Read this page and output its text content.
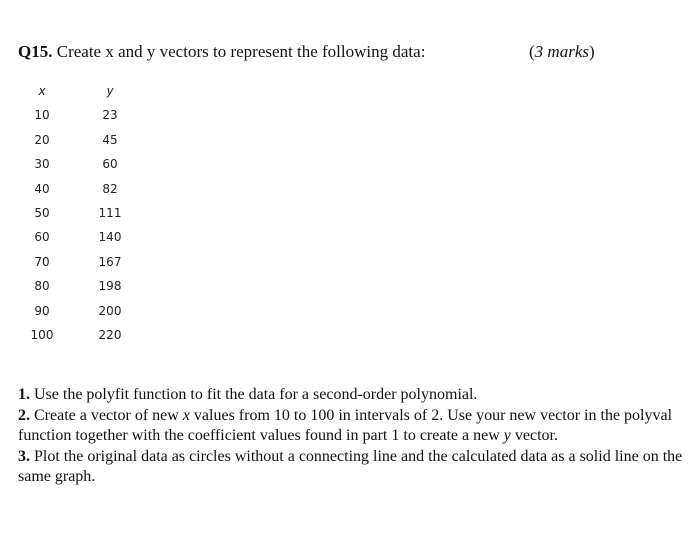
Q15. Create x and y vectors to represent the following data:	(3 marks)
x	y
10	23
20	45
30	60
40	82
50	111
60	140
70	167
80	198
90	200
100	220

1. Use the polyfit function to fit the data for a second-order polynomial.

2. Create a vector of new x values from 10 to 100 in intervals of 2. Use your new vector in the polyval function together with the coefficient values found in part 1 to create a new y vector.

3. Plot the original data as circles without a connecting line and the calculated data as a solid line on the same graph.
